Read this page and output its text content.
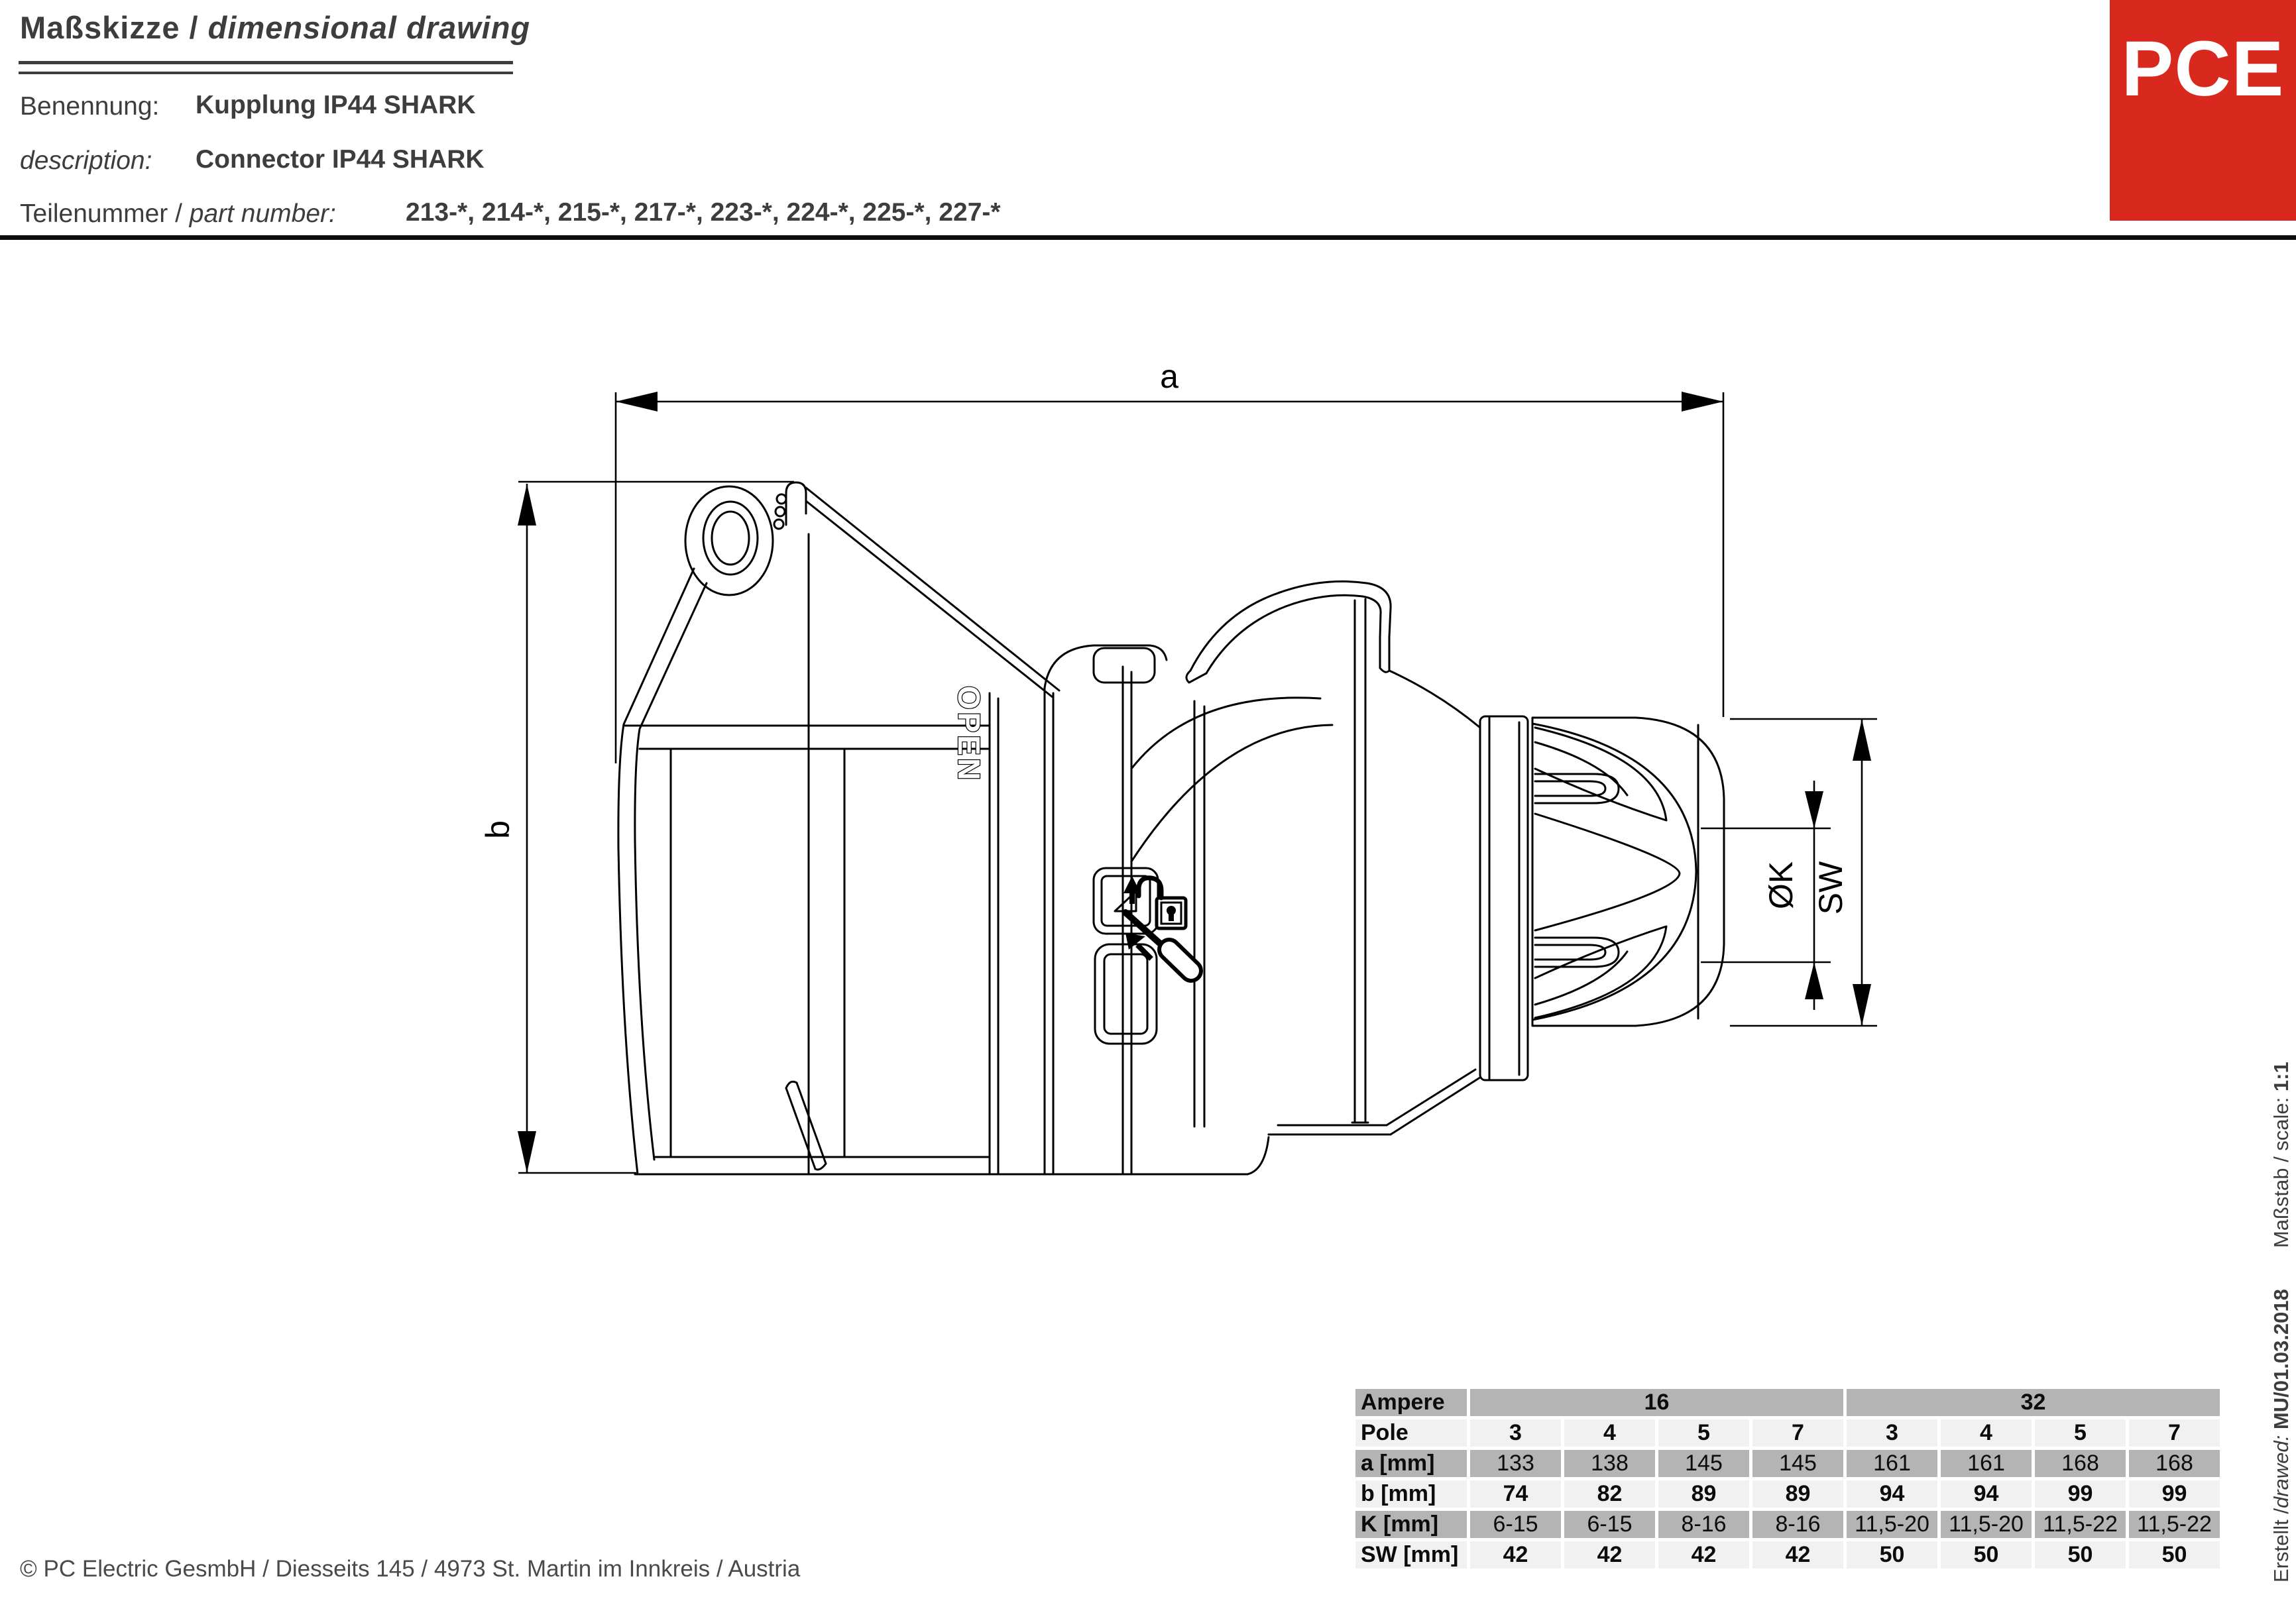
Maßskizze / dimensional drawing
Benennung: Kupplung IP44 SHARK
description: Connector IP44 SHARK
Teilenummer / part number:	213-*, 214-*, 215-*, 217-*, 223-*, 224-*, 225-*, 227-*
PCE
a
b
OPEN
ØK SW
Ampere	16	32
Pole	3	4	5	7	3	4	5	7
a [mm]	133	138	145	145	161	161	168	168
b [mm]	74	82	89	89	94	94	99	99
K [mm]	6-15	6-15	8-16	8-16	11,5-20 11,5-20 11,5-22 11,5-22
SW [mm]	42	42	42	42	50	50	50	50	Erstellt /
drawed:

MU/01.03.2018
Maßstab / scale:

1:1
© PC Electric GesmbH / Diesseits 145 / 4973 St. Martin im Innkreis / Austria
